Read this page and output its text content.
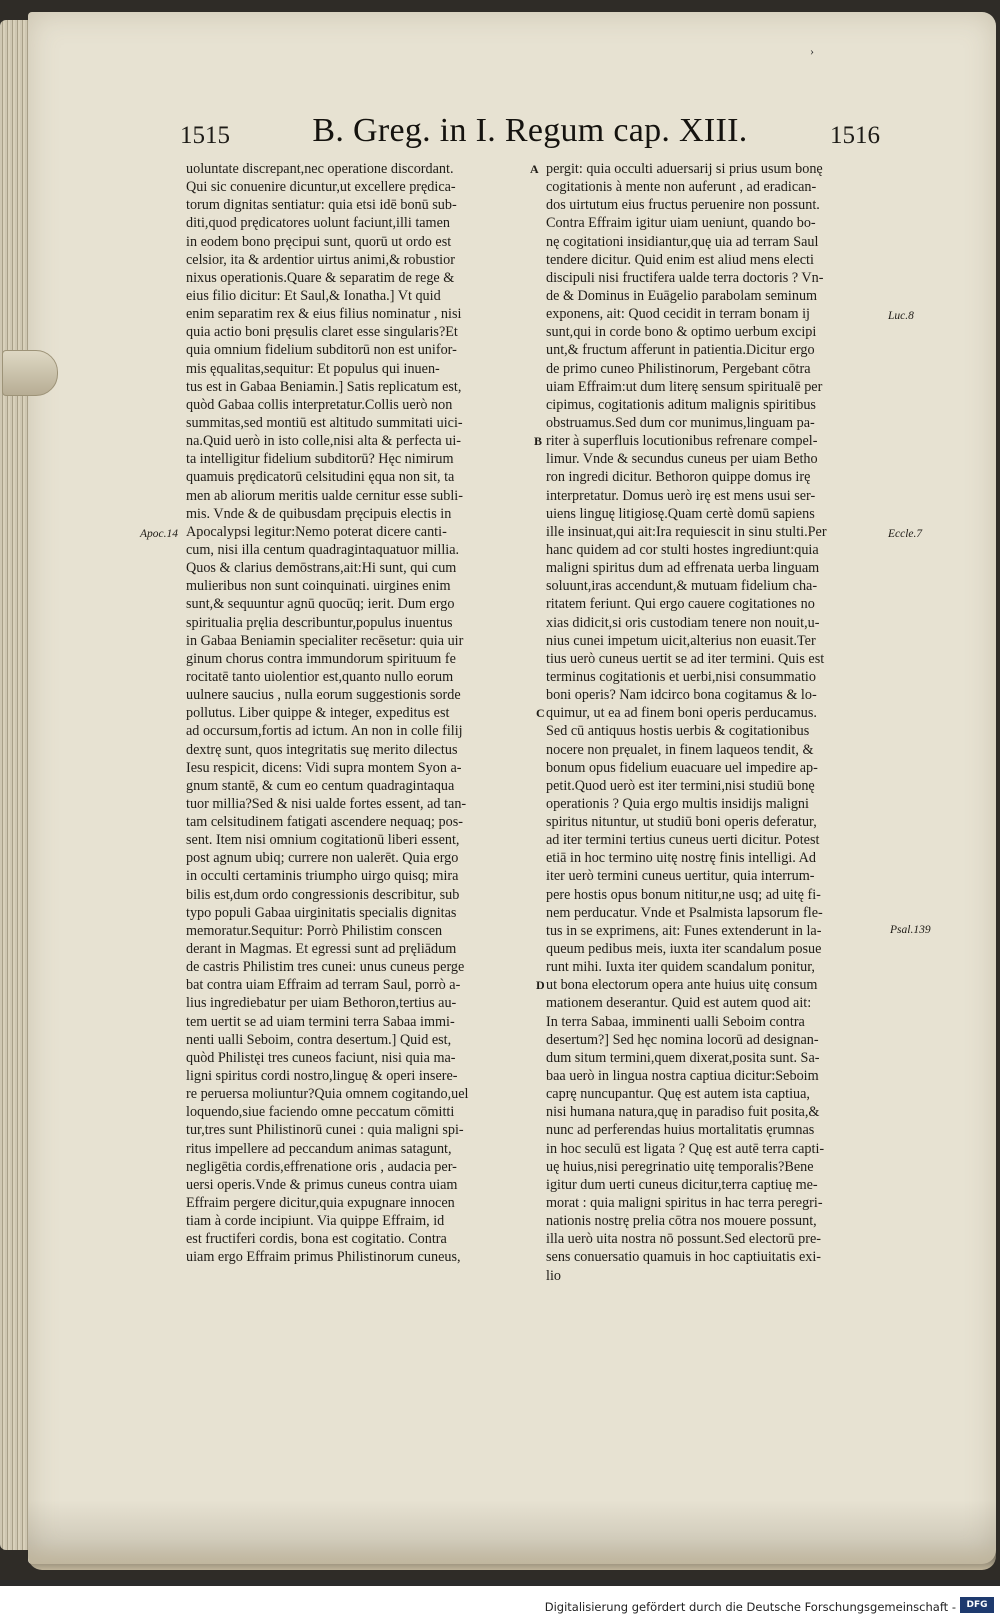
›
1515	B. Greg. in I. Regum cap. XIII.	1516
uoluntate discrepant,nec operatione discordant.
Qui sic conuenire dicuntur,ut excellere prędica-
torum dignitas sentiatur: quia etsi idē bonū sub-
diti,quod prędicatores uolunt faciunt,illi tamen
in eodem bono pręcipui sunt, quorū ut ordo est
celsior, ita & ardentior uirtus animi,& robustior
nixus operationis.Quare & separatim de rege &
eius filio dicitur: Et Saul,& Ionatha.] Vt quid
enim separatim rex & eius filius nominatur , nisi
quia actio boni pręsulis claret esse singularis?Et
quia omnium fidelium subditorū non est unifor-
mis ęqualitas,sequitur: Et populus qui inuen-
tus est in Gabaa Beniamin.] Satis replicatum est,
quòd Gabaa collis interpretatur.Collis uerò non
summitas,sed montiū est altitudo summitati uici-
na.Quid uerò in isto colle,nisi alta & perfecta ui-
ta intelligitur fidelium subditorū? Hęc nimirum
quamuis prędicatorū celsitudini ęqua non sit, ta
men ab aliorum meritis ualde cernitur esse subli-
mis. Vnde & de quibusdam pręcipuis electis in
Apocalypsi legitur:Nemo poterat dicere canti-
cum, nisi illa centum quadragintaquatuor millia.
Quos & clarius demōstrans,ait:Hi sunt, qui cum
mulieribus non sunt coinquinati. uirgines enim
sunt,& sequuntur agnū quocūq; ierit. Dum ergo
spiritualia pręlia describuntur,populus inuentus
in Gabaa Beniamin specialiter recēsetur: quia uir
ginum chorus contra immundorum spirituum fe
rocitatē tanto uiolentior est,quanto nullo eorum
uulnere saucius , nulla eorum suggestionis sorde
pollutus. Liber quippe & integer, expeditus est
ad occursum,fortis ad ictum. An non in colle filij
dextrę sunt, quos integritatis suę merito dilectus
Iesu respicit, dicens: Vidi supra montem Syon a-
gnum stantē, & cum eo centum quadragintaqua
tuor millia?Sed & nisi ualde fortes essent, ad tan-
tam celsitudinem fatigati ascendere nequaq; pos-
sent. Item nisi omnium cogitationū liberi essent,
post agnum ubiq; currere non ualerēt. Quia ergo
in occulti certaminis triumpho uirgo quisq; mira
bilis est,dum ordo congressionis describitur, sub
typo populi Gabaa uirginitatis specialis dignitas
memoratur.Sequitur: Porrò Philistim conscen
derant in Magmas. Et egressi sunt ad pręliādum
de castris Philistim tres cunei: unus cuneus perge
bat contra uiam Effraim ad terram Saul, porrò a-
lius ingrediebatur per uiam Bethoron,tertius au-
tem uertit se ad uiam termini terra Sabaa immi-
nenti ualli Seboim, contra desertum.] Quid est,
quòd Philistęi tres cuneos faciunt, nisi quia ma-
ligni spiritus cordi nostro,linguę & operi insere-
re peruersa moliuntur?Quia omnem cogitando,uel
loquendo,siue faciendo omne peccatum cōmitti
tur,tres sunt Philistinorū cunei : quia maligni spi-
ritus impellere ad peccandum animas satagunt,
negligētia cordis,effrenatione oris , audacia per-
uersi operis.Vnde & primus cuneus contra uiam
Effraim pergere dicitur,quia expugnare innocen
tiam à corde incipiunt. Via quippe Effraim, id
est fructiferi cordis, bona est cogitatio. Contra
uiam ergo Effraim primus Philistinorum cuneus,
pergit: quia occulti aduersarij si prius usum bonę
cogitationis à mente non auferunt , ad eradican-
dos uirtutum eius fructus peruenire non possunt.
Contra Effraim igitur uiam ueniunt, quando bo-
nę cogitationi insidiantur,quę uia ad terram Saul
tendere dicitur. Quid enim est aliud mens electi
discipuli nisi fructifera ualde terra doctoris ? Vn-
de & Dominus in Euāgelio parabolam seminum
exponens, ait: Quod cecidit in terram bonam ij
sunt,qui in corde bono & optimo uerbum excipi
unt,& fructum afferunt in patientia.Dicitur ergo
de primo cuneo Philistinorum, Pergebant cōtra
uiam Effraim:ut dum literę sensum spiritualē per
cipimus, cogitationis aditum malignis spiritibus
obstruamus.Sed dum cor munimus,linguam pa-
riter à superfluis locutionibus refrenare compel-
limur. Vnde & secundus cuneus per uiam Betho
ron ingredi dicitur. Bethoron quippe domus irę
interpretatur. Domus uerò irę est mens usui ser-
uiens linguę litigiosę.Quam certè domū sapiens
ille insinuat,qui ait:Ira requiescit in sinu stulti.Per
hanc quidem ad cor stulti hostes ingrediunt:quia
maligni spiritus dum ad effrenata uerba linguam
soluunt,iras accendunt,& mutuam fidelium cha-
ritatem feriunt. Qui ergo cauere cogitationes no
xias didicit,si oris custodiam tenere non nouit,u-
nius cunei impetum uicit,alterius non euasit.Ter
tius uerò cuneus uertit se ad iter termini. Quis est
terminus cogitationis et uerbi,nisi consummatio
boni operis? Nam idcirco bona cogitamus & lo-
quimur, ut ea ad finem boni operis perducamus.
Sed cū antiquus hostis uerbis & cogitationibus
nocere non pręualet, in finem laqueos tendit, &
bonum opus fidelium euacuare uel impedire ap-
petit.Quod uerò est iter termini,nisi studiū bonę
operationis ? Quia ergo multis insidijs maligni
spiritus nituntur, ut studiū boni operis deferatur,
ad iter termini tertius cuneus uerti dicitur. Potest
etiā in hoc termino uitę nostrę finis intelligi. Ad
iter uerò termini cuneus uertitur, quia interrum-
pere hostis opus bonum nititur,ne usq; ad uitę fi-
nem perducatur. Vnde et Psalmista lapsorum fle-
tus in se exprimens, ait: Funes extenderunt in la-
queum pedibus meis, iuxta iter scandalum posue
runt mihi. Iuxta iter quidem scandalum ponitur,
ut bona electorum opera ante huius uitę consum
mationem deserantur. Quid est autem quod ait:
In terra Sabaa, imminenti ualli Seboim contra
desertum?] Sed hęc nomina locorū ad designan-
dum situm termini,quem dixerat,posita sunt. Sa-
baa uerò in lingua nostra captiua dicitur:Seboim
caprę nuncupantur. Quę est autem ista captiua,
nisi humana natura,quę in paradiso fuit posita,&
nunc ad perferendas huius mortalitatis ęrumnas
in hoc seculū est ligata ? Quę est autē terra capti-
uę huius,nisi peregrinatio uitę temporalis?Bene
igitur dum uerti cuneus dicitur,terra captiuę me-
morat : quia maligni spiritus in hac terra peregri-
nationis nostrę prelia cōtra nos mouere possunt,
illa uerò uita nostra nō possunt.Sed electorū pre-
sens conuersatio quamuis in hoc captiuitatis exi-
lio
A
B
C
D
Apoc.14
Luc.8
Eccle.7
Psal.139
Digitalisierung gefördert durch die Deutsche Forschungsgemeinschaft -	DFG
